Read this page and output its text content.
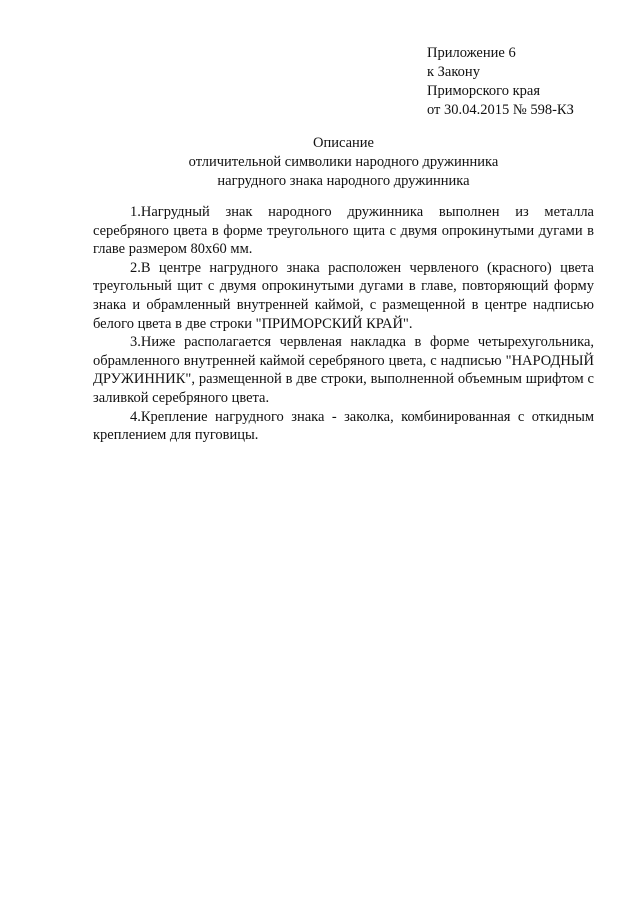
Приложение 6
к Закону
Приморского края
от 30.04.2015 № 598-КЗ
Описание
отличительной символики народного дружинника
нагрудного знака народного дружинника

1.Нагрудный знак народного дружинника выполнен из металла серебряного цвета в форме треугольного щита с двумя опрокинутыми дугами в главе размером 80х60 мм.

2.В центре нагрудного знака расположен червленого (красного) цвета треугольный щит с двумя опрокинутыми дугами в главе, повторяющий форму знака и обрамленный внутренней каймой, с размещенной в центре надписью белого цвета в две строки "ПРИМОРСКИЙ КРАЙ".

3.Ниже располагается червленая накладка в форме четырехугольника, обрамленного внутренней каймой серебряного цвета, с надписью "НАРОДНЫЙ ДРУЖИННИК", размещенной в две строки, выполненной объемным шрифтом с заливкой серебряного цвета.

4.Крепление нагрудного знака - заколка, комбинированная с откидным креплением для пуговицы.
